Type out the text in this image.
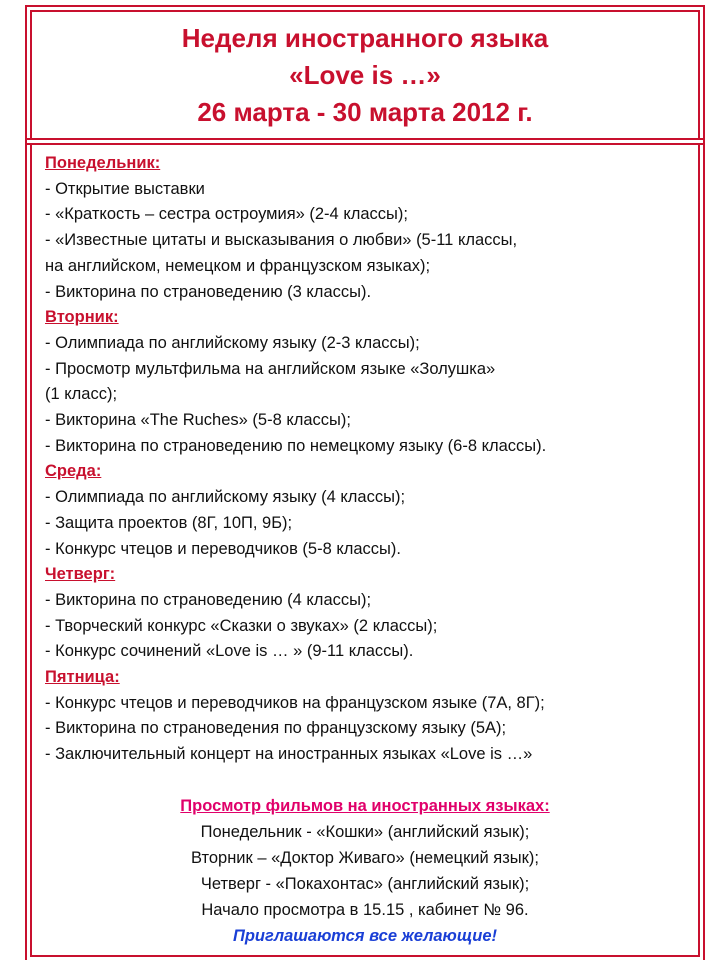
Неделя иностранного языка
«Love is …»
26 марта - 30 марта 2012 г.
Понедельник:
- Открытие выставки
- «Краткость – сестра остроумия» (2-4 классы);
- «Известные цитаты и высказывания о любви» (5-11 классы,
на английском, немецком и французском языках);
- Викторина по страноведению (3 классы).
Вторник:
- Олимпиада по английскому языку (2-3 классы);
- Просмотр мультфильма на английском языке «Золушка»
(1 класс);
- Викторина «The Ruches» (5-8 классы);
- Викторина по страноведению по немецкому языку (6-8 классы).
Среда:
- Олимпиада по английскому языку (4 классы);
- Защита проектов (8Г, 10П, 9Б);
- Конкурс чтецов и переводчиков (5-8 классы).
Четверг:
- Викторина по страноведению (4 классы);
- Творческий конкурс «Сказки о звуках» (2 классы);
- Конкурс сочинений «Love is … » (9-11 классы).
Пятница:
- Конкурс чтецов и переводчиков на французском языке (7А, 8Г);
- Викторина по страноведения по французскому языку (5А);
- Заключительный концерт на иностранных языках «Love is …»
Просмотр фильмов на иностранных языках:
Понедельник - «Кошки» (английский язык);
Вторник – «Доктор Живаго» (немецкий язык);
Четверг - «Покахонтас» (английский язык);
Начало просмотра в 15.15 , кабинет № 96.
Приглашаются все желающие!
